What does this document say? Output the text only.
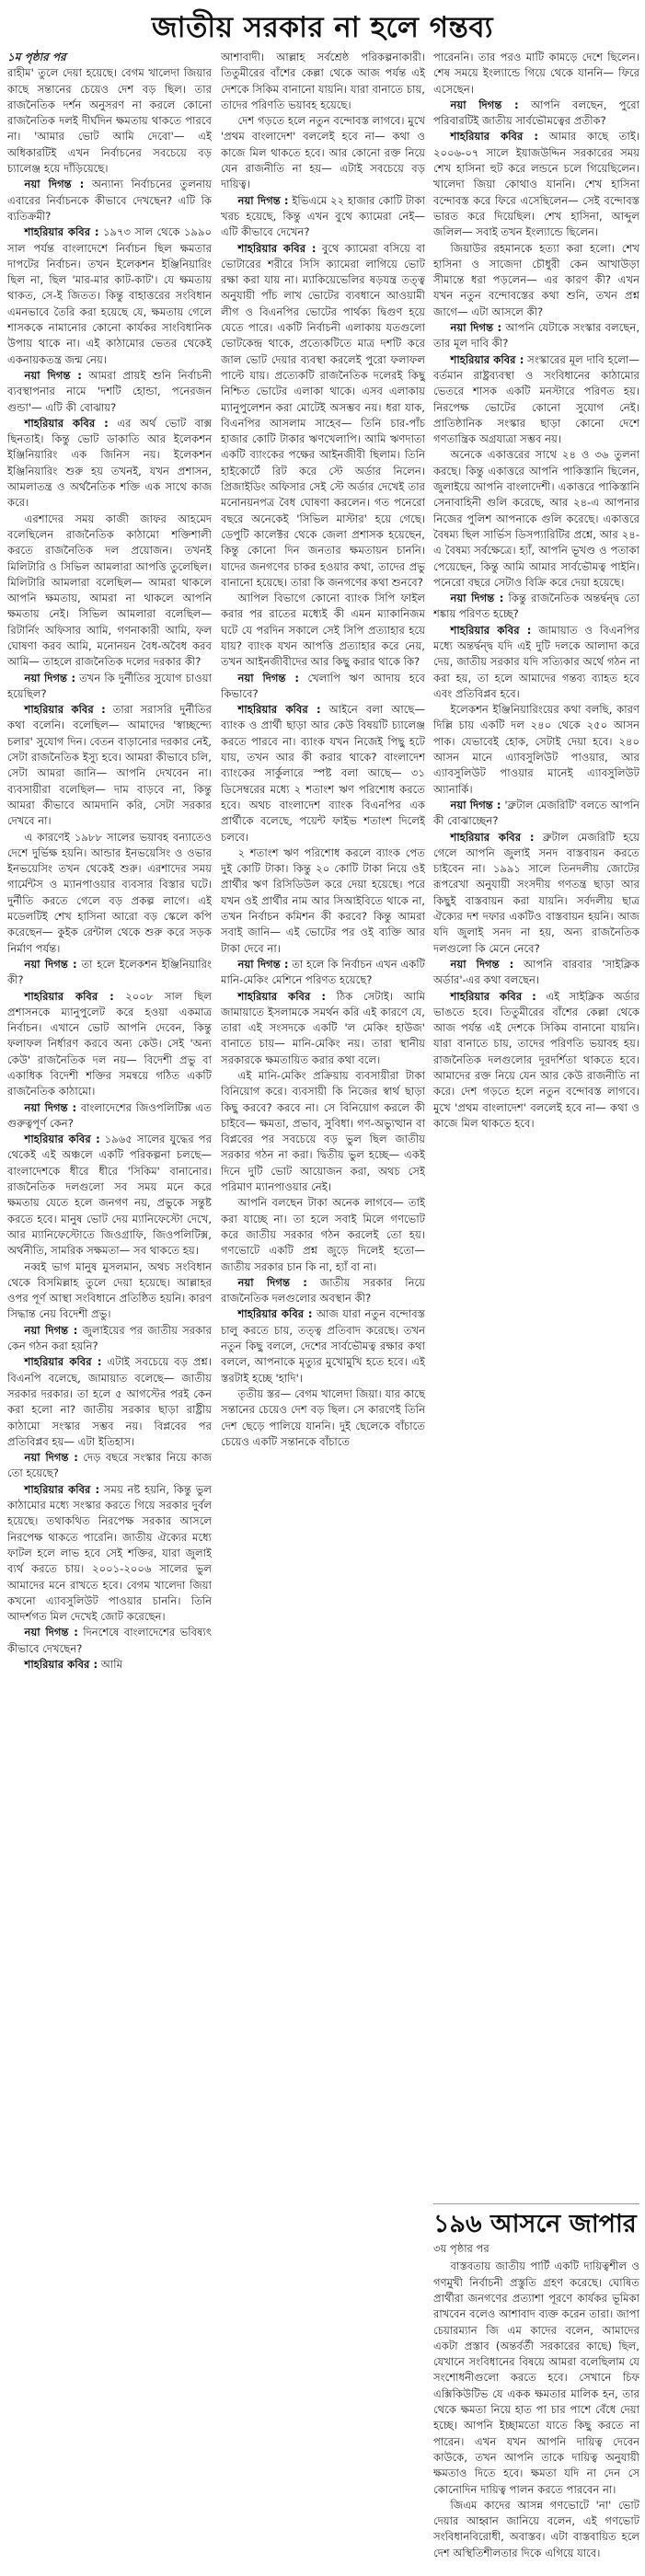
জাতীয় সরকার না হলে গন্তব্য
১ম পৃষ্ঠার পর

রাহীম' তুলে দেয়া হয়েছে। বেগম খালেদা জিয়ার কাছে সন্তানের চেয়েও দেশ বড় ছিল। তার রাজনৈতিক দর্শন অনুসরণ না করলে কোনো রাজনৈতিক দলই দীর্ঘদিন ক্ষমতায় থাকতে পারবে না। 'আমার ভোট আমি দেবো'— এই অধিকারটিই এখন নির্বাচনের সবচেয়ে বড় চ্যালেঞ্জ হয়ে দাঁড়িয়েছে।

নয়া দিগন্ত : অন্যান্য নির্বাচনের তুলনায় এবারের নির্বাচনকে কীভাবে দেখছেন? এটি কি ব্যতিক্রমী?

শাহরিয়ার কবির : ১৯৭৩ সাল থেকে ১৯৯০ সাল পর্যন্ত বাংলাদেশে নির্বাচন ছিল ক্ষমতার দাপটের নির্বাচন। তখন ইলেকশন ইঞ্জিনিয়ারিং ছিল না, ছিল 'মার-মার কাট-কাট'। যে ক্ষমতায় থাকত, সে-ই জিতত। কিন্তু বাহাত্তরের সংবিধান এমনভাবে তৈরি করা হয়েছে যে, ক্ষমতায় গেলে শাসককে নামানোর কোনো কার্যকর সাংবিধানিক উপায় থাকে না। এই কাঠামোর ভেতর থেকেই একনায়কতন্ত্র জন্ম নেয়।

নয়া দিগন্ত : আমরা প্রায়ই শুনি নির্বাচনী ব্যবস্থাপনার নামে 'দশটি হোন্ডা, পনেরজন গুন্ডা'— এটি কী বোঝায়?

শাহরিয়ার কবির : এর অর্থ ভোট বাক্স ছিনতাই। কিন্তু ভোট ডাকাতি আর ইলেকশন ইঞ্জিনিয়ারিং এক জিনিস নয়। ইলেকশন ইঞ্জিনিয়ারিং শুরু হয় তখনই, যখন প্রশাসন, আমলাতন্ত্র ও অর্থনৈতিক শক্তি এক সাথে কাজ করে।

এরশাদের সময় কাজী জাফর আহমেদ বলেছিলেন রাজনৈতিক কাঠামো শক্তিশালী করতে রাজনৈতিক দল প্রয়োজন। তখনই মিলিটারি ও সিভিল আমলারা আপত্তি তুলেছিল। মিলিটারি আমলারা বলেছিল— আমরা থাকলে আপনি ক্ষমতায়, আমরা না থাকলে আপনি ক্ষমতায় নেই। সিভিল আমলারা বলেছিল— রিটার্নিং অফিসার আমি, গণনাকারী আমি, ফল ঘোষণা করব আমি, মনোনয়ন বৈধ-অবৈধ করব আমি— তাহলে রাজনৈতিক দলের দরকার কী?

নয়া দিগন্ত : তখন কি দুর্নীতির সুযোগ চাওয়া হয়েছিল?

শাহরিয়ার কবির : তারা সরাসরি দুর্নীতির কথা বলেনি। বলেছিল— আমাদের 'স্বাচ্ছন্দ্যে চলার' সুযোগ দিন। বেতন বাড়ানোর দরকার নেই, সেটা রাজনৈতিক ইস্যু হবে। আমরা কীভাবে চলি, সেটা আমরা জানি— আপনি দেখবেন না। ব্যবসায়ীরা বলেছিল— দাম বাড়বে না, কিন্তু আমরা কীভাবে আমদানি করি, সেটা সরকার দেখবে না।

এ কারণেই ১৯৮৮ সালের ভয়াবহ বন্যাতেও দেশে দুর্ভিক্ষ হয়নি। আন্ডার ইনভয়েসিং ও ওভার ইনভয়েসিং তখন থেকেই শুরু। এরশাদের সময় গার্মেন্টস ও ম্যানপাওয়ার ব্যবসার বিস্তার ঘটে। দুর্নীতি করতে গেলে বড় প্রকল্প লাগে। এই মডেলটিই শেখ হাসিনা আরো বড় স্কেলে কপি করেছেন— কুইক রেন্টাল থেকে শুরু করে সড়ক নির্মাণ পর্যন্ত।

নয়া দিগন্ত : তা হলে ইলেকশন ইঞ্জিনিয়ারিং কী?

শাহরিয়ার কবির : ২০০৮ সাল ছিল প্রশাসনকে ম্যানুপুলেট করে হওয়া একমাত্র নির্বাচন। এখানে ভোট আপনি দেবেন, কিন্তু ফলাফল নির্ধারণ করবে অন্য কেউ। সেই 'অন্য কেউ' রাজনৈতিক দল নয়— বিদেশী প্রভু বা একাধিক বিদেশী শক্তির সমন্বয়ে গঠিত একটি রাজনৈতিক কাঠামো।

নয়া দিগন্ত : বাংলাদেশের জিওপলিটিক্স এত গুরুত্বপূর্ণ কেন?

শাহরিয়ার কবির : ১৯৬৫ সালের যুদ্ধের পর থেকেই এই অঞ্চলে একটি পরিকল্পনা চলছে— বাংলাদেশকে ধীরে ধীরে 'সিকিম' বানানোর। রাজনৈতিক দলগুলো সব সময় মনে করে ক্ষমতায় যেতে হলে জনগণ নয়, প্রভুকে সন্তুষ্ট করতে হবে। মানুষ ভোট দেয় ম্যানিফেস্টো দেখে, আর ম্যানিফেস্টোতে জিওগ্রাফি, জিওপলিটিক্স, অর্থনীতি, সামরিক সক্ষমতা— সব থাকতে হয়।

নব্বই ভাগ মানুষ মুসলমান, অথচ সংবিধান থেকে বিসমিল্লাহ তুলে দেয়া হয়েছে। আল্লাহর ওপর পূর্ণ আস্থা সংবিধানে প্রতিষ্ঠিত হয়নি। কারণ সিদ্ধান্ত নেয় বিদেশী প্রভু।

নয়া দিগন্ত : জুলাইয়ের পর জাতীয় সরকার কেন গঠন করা হয়নি?

শাহরিয়ার কবির : এটাই সবচেয়ে বড় প্রশ্ন। বিএনপি বলেছে, জামায়াত বলেছে— জাতীয় সরকার দরকার। তা হলে ৫ আগস্টের পরই কেন করা হলো না? জাতীয় সরকার ছাড়া রাষ্ট্রীয় কাঠামো সংস্কার সম্ভব নয়। বিপ্লবের পর প্রতিবিপ্লব হয়— এটা ইতিহাস।

নয়া দিগন্ত : দেড় বছরে সংস্কার নিয়ে কাজ তো হয়েছে?

শাহরিয়ার কবির : সময় নষ্ট হয়নি, কিন্তু ভুল কাঠামোর মধ্যে সংস্কার করতে গিয়ে সরকার দুর্বল হয়েছে। তথাকথিত নিরপেক্ষ সরকার আসলে নিরপেক্ষ থাকতে পারেনি। জাতীয় ঐক্যের মধ্যে ফাটল হলে লাভ হবে সেই শক্তির, যারা জুলাই ব্যর্থ করতে চায়। ২০০১-২০০৬ সালের ভুল আমাদের মনে রাখতে হবে। বেগম খালেদা জিয়া কখনো এ্যাবসুলিউট পাওয়ার চাননি। তিনি আদর্শগত মিল দেখেই জোট করেছেন।

নয়া দিগন্ত : দিনশেষে বাংলাদেশের ভবিষ্যৎ কীভাবে দেখছেন?

শাহরিয়ার কবির : আমি

আশাবাদী। আল্লাহ সর্বশ্রেষ্ঠ পরিকল্পনাকারী। তিতুমীরের বাঁশের কেল্লা থেকে আজ পর্যন্ত এই দেশকে সিকিম বানানো যায়নি। যারা বানাতে চায়, তাদের পরিণতি ভয়াবহ হয়েছে।

দেশ গড়তে হলে নতুন বন্দোবস্ত লাগবে। মুখে 'প্রথম বাংলাদেশ' বললেই হবে না— কথা ও কাজে মিল থাকতে হবে। আর কোনো রক্ত নিয়ে যেন রাজনীতি না হয়— এটাই সবচেয়ে বড় দায়িত্ব।

নয়া দিগন্ত : ইভিএমে ২২ হাজার কোটি টাকা খরচ হয়েছে, কিন্তু এখন বুথে ক্যামেরা নেই— এটি কীভাবে দেখেন?

শাহরিয়ার কবির : বুথে ক্যামেরা বসিয়ে বা ভোটারের শরীরে সিসি ক্যামেরা লাগিয়ে ভোট রক্ষা করা যায় না। ম্যাকিয়েভেলির ষড়যন্ত্র তত্ত্ব অনুযায়ী পাঁচ লাখ ভোটের ব্যবধানে আওয়ামী লীগ ও বিএনপির ভোটের পার্থক্য দ্বিগুণ হয়ে যেতে পারে। একটি নির্বাচনী এলাকায় যতগুলো ভোটকেন্দ্র থাকে, প্রত্যেকটিতে মাত্র দশটি করে জাল ভোট দেয়ার ব্যবস্থা করলেই পুরো ফলাফল পাল্টে যায়। প্রত্যেকটি রাজনৈতিক দলেরই কিছু নিশ্চিত ভোটের এলাকা থাকে। এসব এলাকায় ম্যানুপুলেশন করা মোটেই অসম্ভব নয়। ধরা যাক, বিএনপির আসলাম সাহেব— তিনি চার-পাঁচ হাজার কোটি টাকার ঋণখেলাপি। আমি ঋণদাতা একটি ব্যাংকের পক্ষের আইনজীবী ছিলাম। তিনি হাইকোর্টে রিট করে স্টে অর্ডার নিলেন। প্রিজাইডিং অফিসার সেই স্টে অর্ডার দেখেই তার মনোনয়নপত্র বৈধ ঘোষণা করলেন। গত পনেরো বছরে অনেকেই 'সিভিল মাস্টার' হয়ে গেছে। ডেপুটি কালেক্টর থেকে জেলা প্রশাসক হয়েছেন, কিন্তু কোনো দিন জনতার ক্ষমতায়ন চাননি। যাদের জনগণের চাকর হওয়ার কথা, তাদের প্রভু বানানো হয়েছে। তারা কি জনগণের কথা শুনবে?

আপিল বিভাগে কোনো ব্যাংক সিপি ফাইল করার পর রাতের মধ্যেই কী এমন ম্যাকানিজম ঘটে যে পরদিন সকালে সেই সিপি প্রত্যাহার হয়ে যায়? ব্যাংক যখন আপত্তি প্রত্যাহার করে নেয়, তখন আইনজীবীদের আর কিছু করার থাকে কি?

নয়া দিগন্ত : খেলাপি ঋণ আদায় হবে কিভাবে?

শাহরিয়ার কবির : আইনে বলা আছে— ব্যাংক ও প্রার্থী ছাড়া আর কেউ বিষয়টি চ্যালেঞ্জ করতে পারবে না। ব্যাংক যখন নিজেই পিছু হটে যায়, তখন আর কী করার থাকে? বাংলাদেশ ব্যাংকের সার্কুলারে স্পষ্ট বলা আছে— ৩১ ডিসেম্বরের মধ্যে ২ শতাংশ ঋণ পরিশোধ করতে হবে। অথচ বাংলাদেশ ব্যাংক বিএনপির এক প্রার্থীকে বলেছে, পয়েন্ট ফাইভ শতাংশ দিলেই চলবে।

২ শতাংশ ঋণ পরিশোধ করলে ব্যাংক পেত দুই কোটি টাকা। কিন্তু ২০ কোটি টাকা নিয়ে ওই প্রার্থীর ঋণ রিসিডিউল করে দেয়া হয়েছে। পরে যখন ওই প্রার্থীর নাম আর সিআইবিতে থাকে না, তখন নির্বাচন কমিশন কী করবে? কিন্তু আমরা সবাই জানি— এই ভোটের পর ওই ব্যক্তি আর টাকা দেবে না।

নয়া দিগন্ত : তা হলে কি নির্বাচন এখন একটি মানি-মেকিং মেশিনে পরিণত হয়েছে?

শাহরিয়ার কবির : ঠিক সেটাই। আমি জামায়াতে ইসলামকে সমর্থন করি এই কারণে যে, তারা এই সংসদকে একটি 'ল মেকিং হাউজ' বানাতে চায়— মানি-মেকিং নয়। তারা স্থানীয় সরকারকে ক্ষমতায়িত করার কথা বলে।

এই মানি-মেকিং প্রক্রিয়ায় ব্যবসায়ীরা টাকা বিনিয়োগ করে। ব্যবসায়ী কি নিজের স্বার্থ ছাড়া কিছু করবে? করবে না। সে বিনিয়োগ করলে কী চাইবে— ক্ষমতা, প্রভাব, সুবিধা। গণ-অভ্যুত্থান বা বিপ্লবের পর সবচেয়ে বড় ভুল ছিল জাতীয় সরকার গঠন না করা। দ্বিতীয় ভুল হচ্ছে— একই দিনে দুটি ভোট আয়োজন করা, অথচ সেই পরিমাণ ম্যানপাওয়ার নেই।

আপনি বলছেন টাকা অনেক লাগবে— তাই করা যাচ্ছে না। তা হলে সবাই মিলে গণভোট করে জাতীয় সরকার গঠন করলেই তো হয়। গণভোটে একটি প্রশ্ন জুড়ে দিলেই হতো— জাতীয় সরকার চান কি না, হ্যাঁ বা না।

নয়া দিগন্ত : জাতীয় সরকার নিয়ে রাজনৈতিক দলগুলোর অবস্থান কী?

শাহরিয়ার কবির : আজ যারা নতুন বন্দোবস্ত চালু করতে চায়, তত্ত্ব প্রতিবাদ করেছে। তখন নতুন কিছু বললে, দেশের সার্বভৌমত্ব রক্ষার কথা বললে, আপনাকে মৃত্যুর মুখোমুখি হতে হবে। এই স্তরটাই হচ্ছে 'হাদি'।

তৃতীয় স্তর— বেগম খালেদা জিয়া। যার কাছে সন্তানের চেয়েও দেশ বড় ছিল। সে কারণেই তিনি দেশ ছেড়ে পালিয়ে যাননি। দুই ছেলেকে বাঁচাতে চেয়েও একটি সন্তানকে বাঁচাতে

পারেননি। তার পরও মাটি কামড়ে দেশে ছিলেন। শেষ সময়ে ইংল্যান্ডে গিয়ে থেকে যাননি— ফিরে এসেছেন।

নয়া দিগন্ত : আপনি বলছেন, পুরো পরিবারটিই জাতীয় সার্বভৌমত্বের প্রতীক?

শাহরিয়ার কবির : আমার কাছে তাই। ২০০৬-০৭ সালে ইয়াজউদ্দিন সরকারের সময় শেখ হাসিনা হুট করে লন্ডনে চলে গিয়েছিলেন। খালেদা জিয়া কোথাও যাননি। শেখ হাসিনা বন্দোবস্ত করে ফিরে এসেছিলেন— সেই বন্দোবস্ত ভারত করে দিয়েছিল। শেখ হাসিনা, আব্দুল জলিল— সবাই তখন ইংল্যান্ডে ছিলেন।

জিয়াউর রহমানকে হত্যা করা হলো। শেখ হাসিনা ও সাজেদা চৌধুরী কেন আখাউড়া সীমান্তে ধরা পড়লেন— এর কারণ কী? এখন যখন নতুন বন্দোবস্তের কথা শুনি, তখন প্রশ্ন জাগে— এটা আসলে কী?

নয়া দিগন্ত : আপনি যেটাকে সংস্কার বলছেন, তার মূল দাবি কী?

শাহরিয়ার কবির : সংস্কারের মূল দাবি হলো— বর্তমান রাষ্ট্রব্যবস্থা ও সংবিধানের কাঠামোর ভেতরে শাসক একটি মনস্টারে পরিণত হয়। নিরপেক্ষ ভোটের কোনো সুযোগ নেই। প্রাতিষ্ঠানিক সংস্কার ছাড়া কোনো দেশে গণতান্ত্রিক অগ্রযাত্রা সম্ভব নয়।

অনেকে একাত্তরের সাথে ২৪ ও ৩৬ তুলনা করছে। কিন্তু একাত্তরে আপনি পাকিস্তানি ছিলেন, জুলাইয়ে আপনি বাংলাদেশী। একাত্তরে পাকিস্তানি সেনাবাহিনী গুলি করেছে, আর ২৪-এ আপনার নিজের পুলিশ আপনাকে গুলি করেছে। একাত্তরে বৈষম্য ছিল সার্ভিস ডিসপ্যারিটির প্রশ্নে, আর ২৪-এ বৈষম্য সর্বক্ষেত্রে। হ্যাঁ, আপনি ভূখণ্ড ও পতাকা পেয়েছেন, কিন্তু আমি আমার সার্বভৌমত্ব পাইনি। পনেরো বছরে সেটাও বিক্রি করে দেয়া হয়েছে।

নয়া দিগন্ত : কিন্তু রাজনৈতিক অন্তর্দ্বন্দ্ব তো শঙ্কায় পরিণত হচ্ছে?

শাহরিয়ার কবির : জামায়াত ও বিএনপির মধ্যে অন্তর্দ্বন্দ্ব যদি এই দুটি দলকে আলাদা করে দেয়, জাতীয় সরকার যদি সত্যিকার অর্থে গঠন না করা হয়, তা হলে আমাদের গন্তব্য ব্যাহত হবে এবং প্রতিবিপ্লব হবে।

ইলেকশন ইঞ্জিনিয়ারিংয়ের কথা বলছি, কারণ দিল্লি চায় একটি দল ২৪০ থেকে ২৫০ আসন পাক। যেভাবেই হোক, সেটাই দেয়া হবে। ২৪০ আসন মানে এ্যাবসুলিউট পাওয়ার, আর এ্যাবসুলিউট পাওয়ার মানেই এ্যাবসুলিউট অ্যানার্কি।

নয়া দিগন্ত : 'ব্রুটাল মেজরিটি' বলতে আপনি কী বোঝাচ্ছেন?

শাহরিয়ার কবির : ব্রুটাল মেজরিটি হয়ে গেলে আপনি জুলাই সনদ বাস্তবায়ন করতে চাইবেন না। ১৯৯১ সালে তিনদলীয় জোটের রূপরেখা অনুযায়ী সংসদীয় গণতন্ত্র ছাড়া আর কিছুই বাস্তবায়ন করা যায়নি। সর্বদলীয় ছাত্র ঐক্যের দশ দফার একটিও বাস্তবায়ন হয়নি। আজ যদি জুলাই সনদ না হয়, অন্য রাজনৈতিক দলগুলো কি মেনে নেবে?

নয়া দিগন্ত : আপনি বারবার 'সাইক্লিক অর্ডার'-এর কথা বলছেন।

শাহরিয়ার কবির : এই সাইক্লিক অর্ডার ভাঙতে হবে। তিতুমীরের বাঁশের কেল্লা থেকে আজ পর্যন্ত এই দেশকে সিকিম বানানো যায়নি। যারা বানাতে চায়, তাদের পরিণতি ভয়াবহ হয়। রাজনৈতিক দলগুলোর দূরদর্শিতা থাকতে হবে। আমাদের রক্ত নিয়ে যেন আর কেউ রাজনীতি না করে। দেশ গড়তে হলে নতুন বন্দোবস্ত লাগবে। মুখে 'প্রথম বাংলাদেশ' বললেই হবে না— কথা ও কাজে মিল থাকতে হবে।

১৯৬ আসনে জাপার
৩য় পৃষ্ঠার পর

বাস্তবতায় জাতীয় পার্টি একটি দায়িত্বশীল ও গণমুখী নির্বাচনী প্রস্তুতি গ্রহণ করেছে। ঘোষিত প্রার্থীরা জনগণের প্রত্যাশা পূরণে কার্যকর ভূমিকা রাখবেন বলেও আশাবাদ ব্যক্ত করেন তারা। জাপা চেয়ারম্যান জি এম কাদের বলেন, আমাদের একটা প্রস্তাব (অন্তর্বর্তী সরকারের কাছে) ছিল, যেখানে সংবিধানের বিষয়ে আমরা বলেছিলাম যে সংশোধনীগুলো করতে হবে। সেখানে চিফ এক্সিকিউটিভ যে একক ক্ষমতার মালিক হন, তার থেকে ক্ষমতা নিয়ে হাত পা চার পাশে বেঁধে দেয়া হচ্ছে। আপনি ইচ্ছামতো যাতে কিছু করতে না পারেন। এখন যখন আপনি দায়িত্ব দেবেন কাউকে, তখন আপনি তাকে দায়িত্ব অনুযায়ী ক্ষমতাও দিতে হবে। ক্ষমতা যদি না দেন সে কোনোদিন দায়িত্ব পালন করতে পারবেন না।

জিএম কাদের আসন্ন গণভোটে 'না' ভোট দেয়ার আহ্বান জানিয়ে বলেন, এই গণভোট সংবিধানবিরোধী, অবাস্তব। এটা বাস্তবায়িত হলে দেশ অস্থিতিশীলতার দিকে এগিয়ে যাবে।
